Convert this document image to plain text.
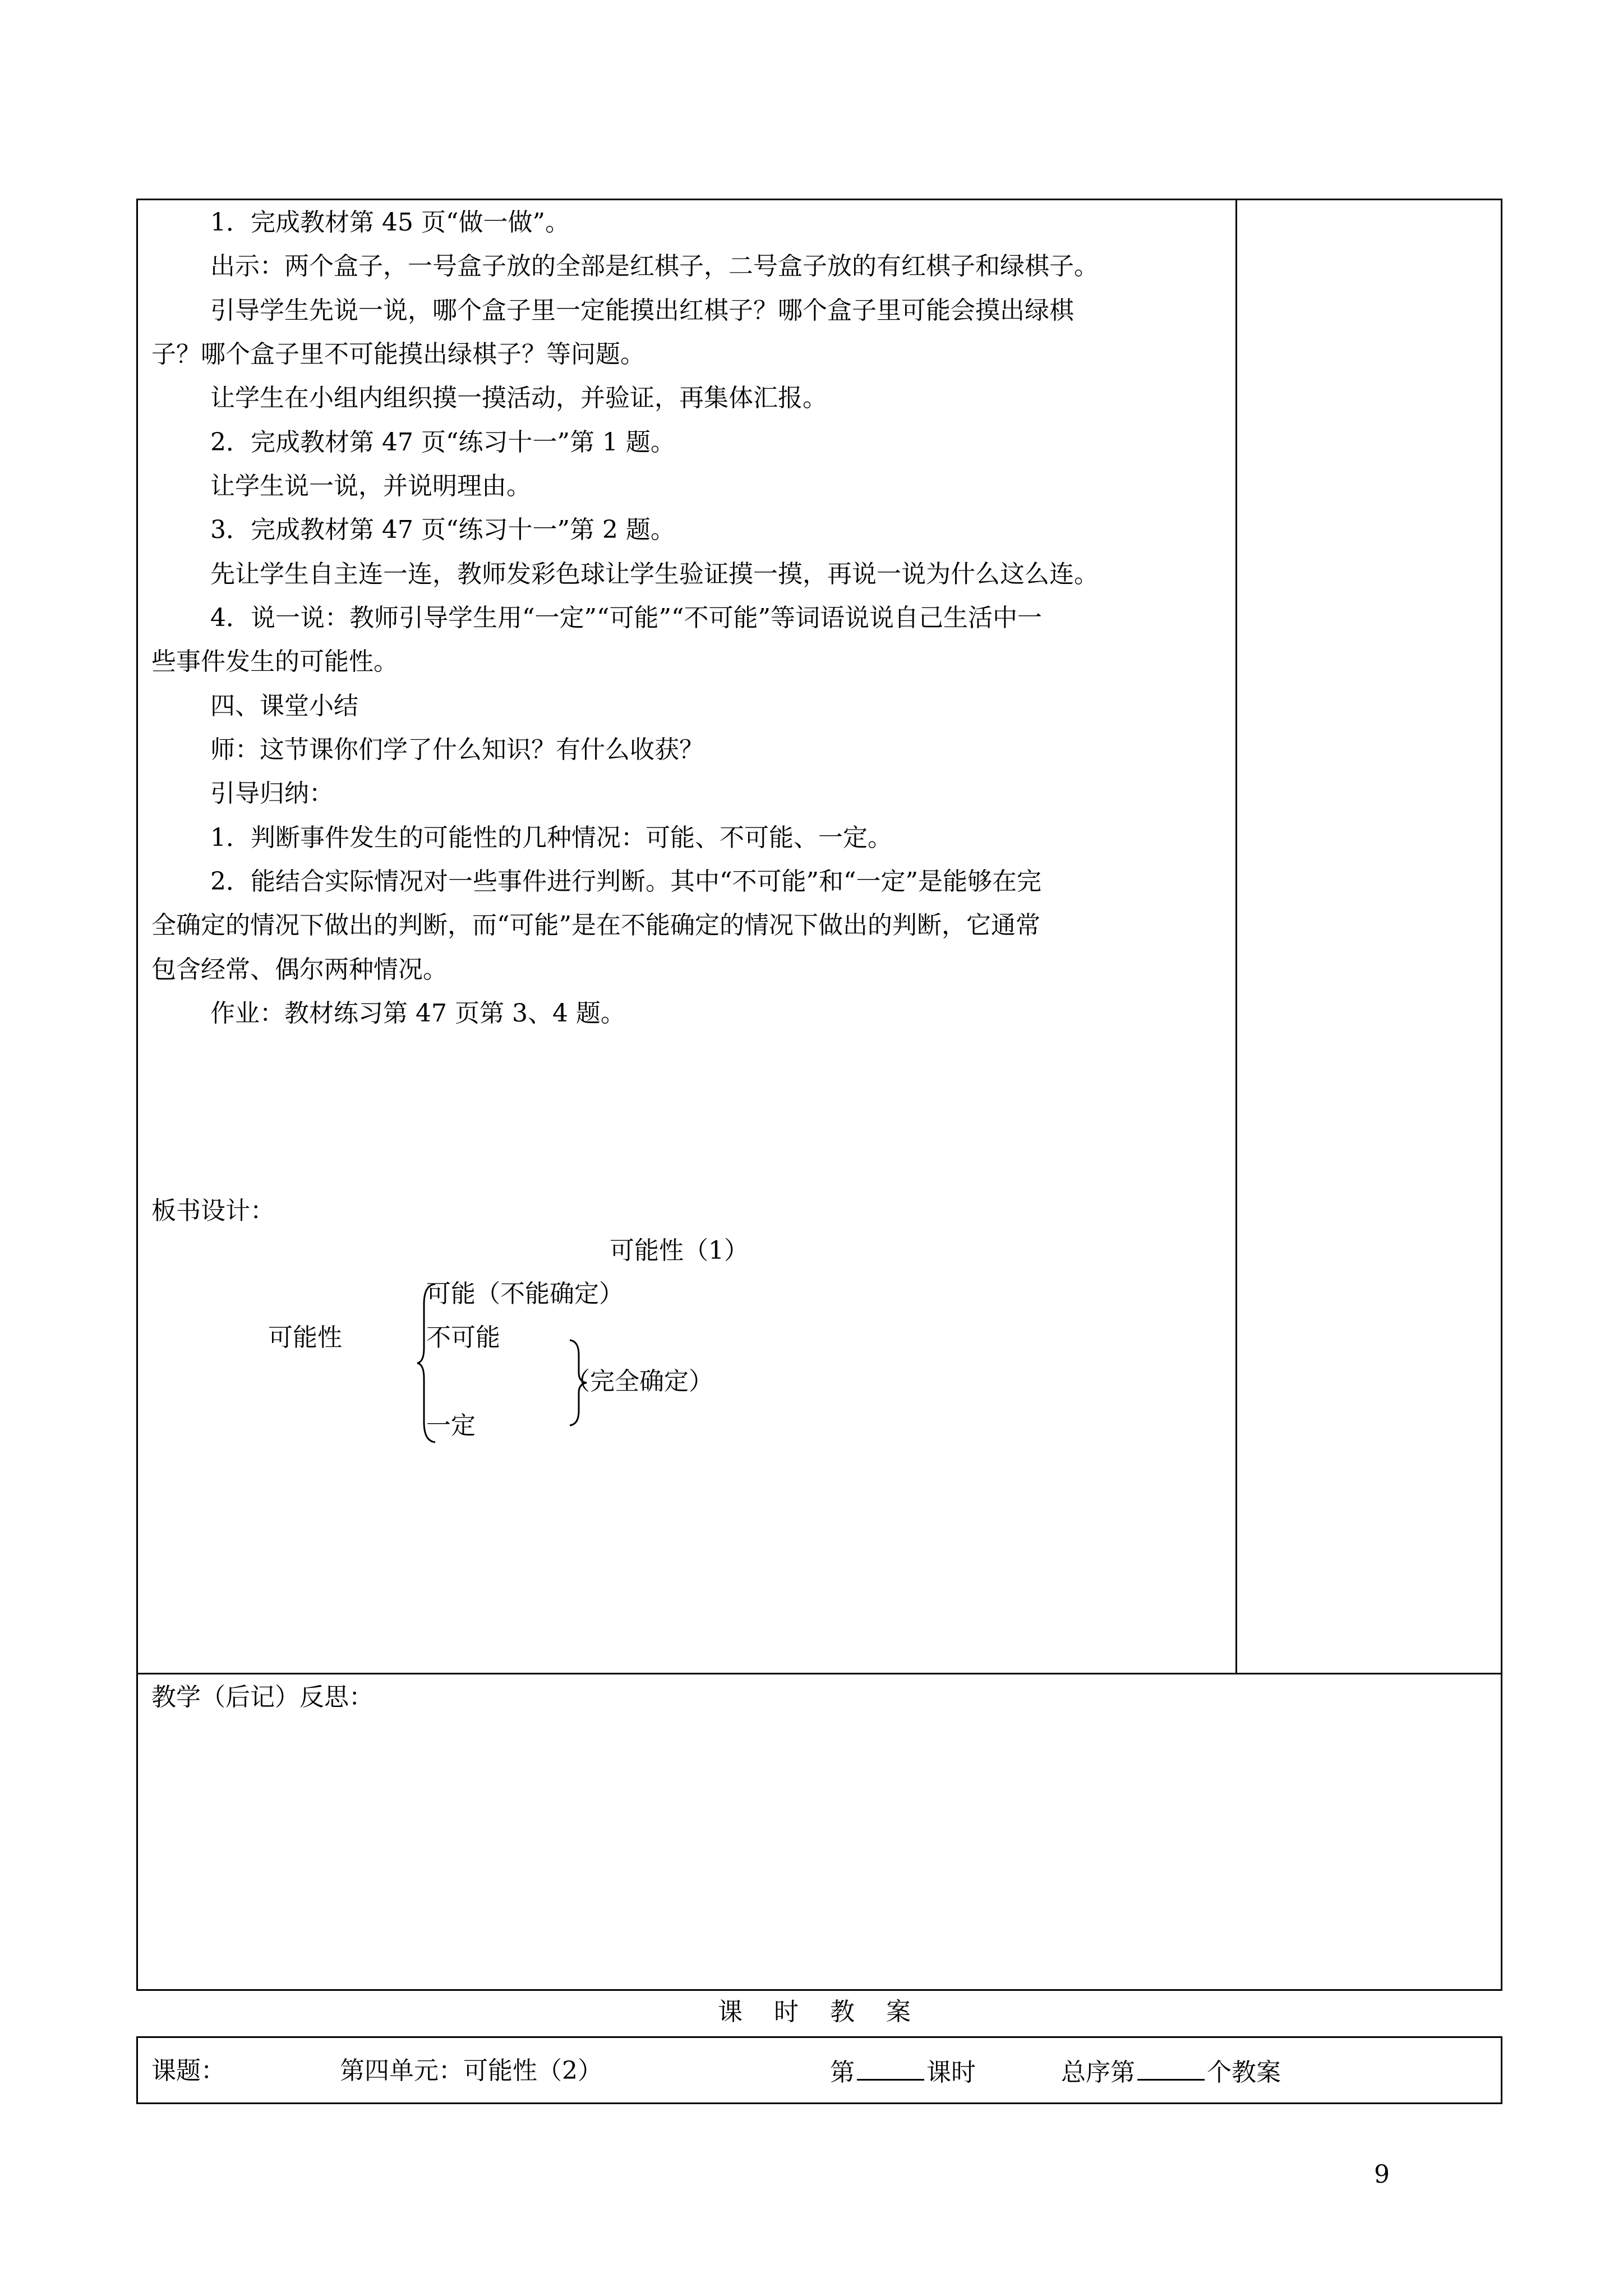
1．完成教材第 45 页“做一做”。
出示：两个盒子，一号盒子放的全部是红棋子，二号盒子放的有红棋子和绿棋子。
引导学生先说一说，哪个盒子里一定能摸出红棋子？哪个盒子里可能会摸出绿棋
子？哪个盒子里不可能摸出绿棋子？等问题。
让学生在小组内组织摸一摸活动，并验证，再集体汇报。
2．完成教材第 47 页“练习十一”第 1 题。
让学生说一说，并说明理由。
3．完成教材第 47 页“练习十一”第 2 题。
先让学生自主连一连，教师发彩色球让学生验证摸一摸，再说一说为什么这么连。
4．说一说：教师引导学生用“一定”“可能”“不可能”等词语说说自己生活中一
些事件发生的可能性。
四、课堂小结
师：这节课你们学了什么知识？有什么收获？
引导归纳：
1．判断事件发生的可能性的几种情况：可能、不可能、一定。
2．能结合实际情况对一些事件进行判断。其中“不可能”和“一定”是能够在完
全确定的情况下做出的判断，而“可能”是在不能确定的情况下做出的判断，它通常
包含经常、偶尔两种情况。
作业：教材练习第 47 页第 3、4 题。
板书设计：
可能性（1）
可能性
可能（不能确定）
不可能
一定
（完全确定）
教学（后记）反思：
课　时　教　案
课题：	第四单元：可能性（2）	第	课时	总序第	个教案
9
